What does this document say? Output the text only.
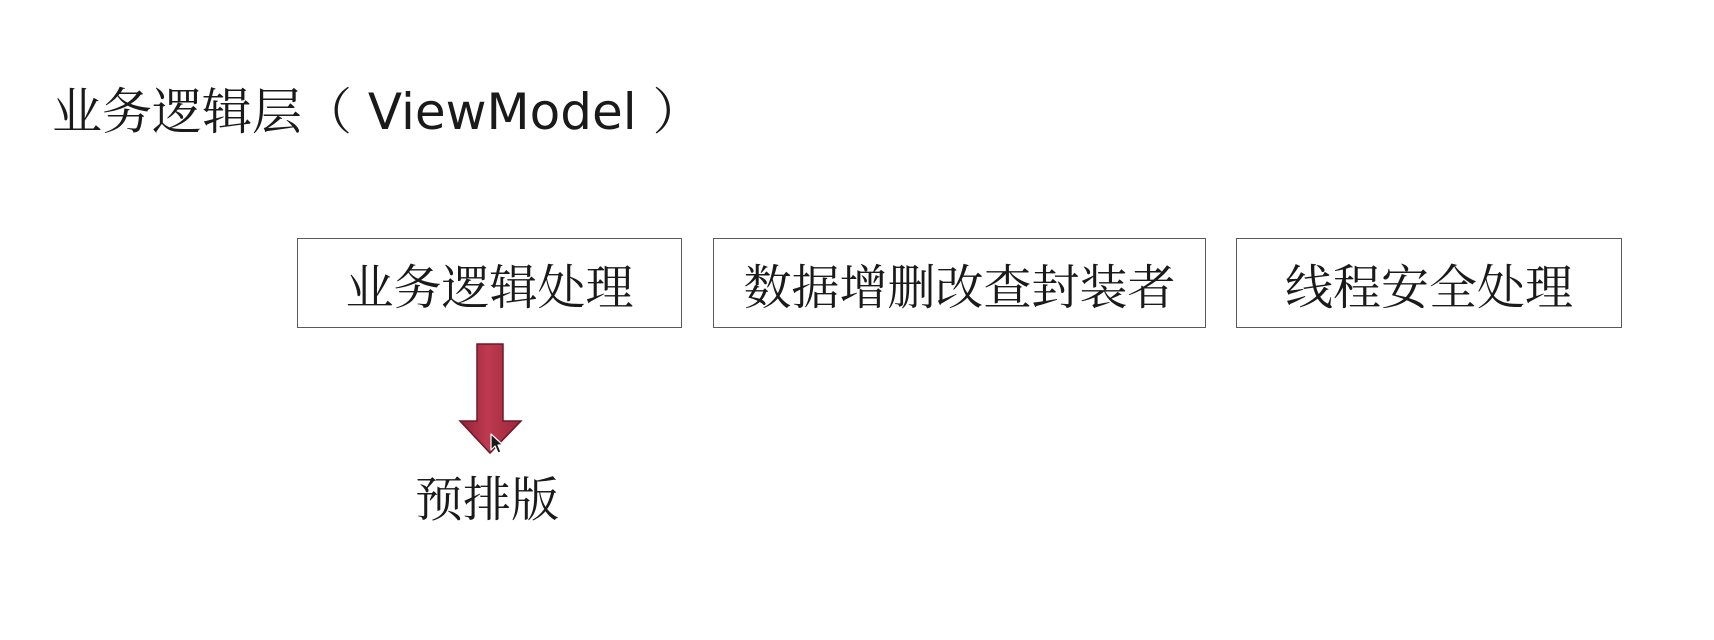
业务逻辑层（ ViewModel ）
业务逻辑处理 数据增删改查封装者 线程安全处理
预排版
